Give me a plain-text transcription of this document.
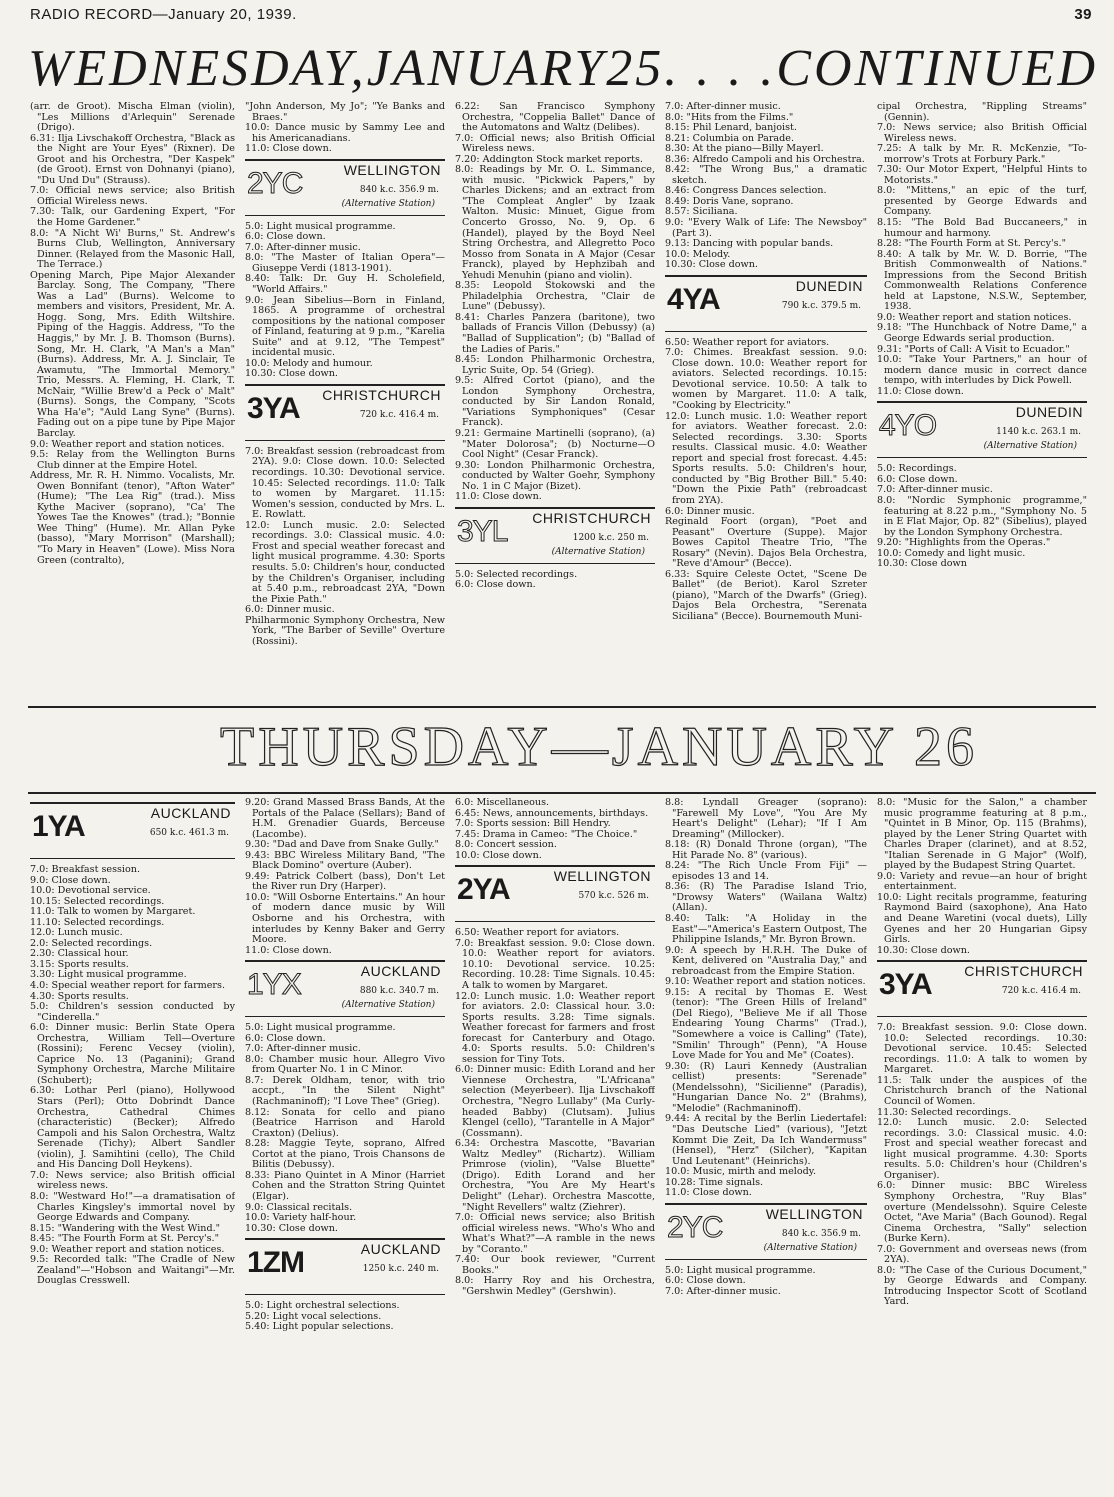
RADIO RECORD—January 20, 1939.	39
WEDNESDAY, JANUARY 25 . . . . CONTINUED

(arr. de Groot). Mischa Elman (violin), "Les Millions d'Arlequin" Serenade (Drigo).

6.31: Ilja Livschakoff Orchestra, "Black as the Night are Your Eyes" (Rixner). De Groot and his Orchestra, "Der Kaspek" (de Groot). Ernst von Dohnanyi (piano), "Du Und Du" (Strauss).

7.0: Official news service; also British Official Wireless news.

7.30: Talk, our Gardening Expert, "For the Home Gardener."

8.0: "A Nicht Wi' Burns," St. Andrew's Burns Club, Wellington, Anniversary Dinner. (Relayed from the Masonic Hall, The Terrace.)

Opening March, Pipe Major Alexander Barclay. Song, The Company, "There Was a Lad" (Burns). Welcome to members and visitors, President, Mr. A. Hogg. Song, Mrs. Edith Wiltshire. Piping of the Haggis. Address, "To the Haggis," by Mr. J. B. Thomson (Burns). Song, Mr. H. Clark, "A Man's a Man" (Burns). Address, Mr. A. J. Sinclair, Te Awamutu, "The Immortal Memory." Trio, Messrs. A. Fleming, H. Clark, T. McNair, "Willie Brew'd a Peck o' Malt" (Burns). Songs, the Company, "Scots Wha Ha'e"; "Auld Lang Syne" (Burns). Fading out on a pipe tune by Pipe Major Barclay.

9.0: Weather report and station notices.

9.5: Relay from the Wellington Burns Club dinner at the Empire Hotel.

Address, Mr. R. H. Nimmo. Vocalists, Mr. Owen Bonnifant (tenor), "Afton Water" (Hume); "The Lea Rig" (trad.). Miss Kythe Maciver (soprano), "Ca' The Yowes Tae the Knowes" (trad.); "Bonnie Wee Thing" (Hume). Mr. Allan Pyke (basso), "Mary Morrison" (Marshall); "To Mary in Heaven" (Lowe). Miss Nora Green (contralto),

"John Anderson, My Jo"; "Ye Banks and Braes."

10.0: Dance music by Sammy Lee and his Americanadians.

11.0: Close down.

2YC	WELLINGTON
840 k.c. 356.9 m.
(Alternative Station)

5.0: Light musical programme.

6.0: Close down.

7.0: After-dinner music.

8.0: "The Master of Italian Opera"—Giuseppe Verdi (1813-1901).

8.40: Talk: Dr. Guy H. Scholefield, "World Affairs."

9.0: Jean Sibelius—Born in Finland, 1865. A programme of orchestral compositions by the national composer of Finland, featuring at 9 p.m., "Karelia Suite" and at 9.12, "The Tempest" incidental music.

10.0: Melody and humour.

10.30: Close down.

3YA CHRISTCHURCH
720 k.c. 416.4 m.

7.0: Breakfast session (rebroadcast from 2YA). 9.0: Close down. 10.0: Selected recordings. 10.30: Devotional service. 10.45: Selected recordings. 11.0: Talk to women by Margaret. 11.15: Women's session, conducted by Mrs. L. E. Rowlatt.

12.0: Lunch music. 2.0: Selected recordings. 3.0: Classical music. 4.0: Frost and special weather forecast and light musical programme. 4.30: Sports results. 5.0: Children's hour, conducted by the Children's Organiser, including at 5.40 p.m., rebroadcast 2YA, "Down the Pixie Path."

6.0: Dinner music.

Philharmonic Symphony Orchestra, New York, "The Barber of Seville" Overture (Rossini).

6.22: San Francisco Symphony Orchestra, "Coppelia Ballet" Dance of the Automatons and Waltz (Delibes).

7.0: Official news; also British Official Wireless news.

7.20: Addington Stock market reports.

8.0: Readings by Mr. O. L. Simmance, with music. "Pickwick Papers," by Charles Dickens; and an extract from "The Compleat Angler" by Izaak Walton. Music: Minuet, Gigue from Concerto Grosso, No. 9, Op. 6 (Handel), played by the Boyd Neel String Orchestra, and Allegretto Poco Mosso from Sonata in A Major (Cesar Franck), played by Hephzibah and Yehudi Menuhin (piano and violin).

8.35: Leopold Stokowski and the Philadelphia Orchestra, "Clair de Lune" (Debussy).

8.41: Charles Panzera (baritone), two ballads of Francis Villon (Debussy) (a) "Ballad of Supplication"; (b) "Ballad of the Ladies of Paris."

8.45: London Philharmonic Orchestra, Lyric Suite, Op. 54 (Grieg).

9.5: Alfred Cortot (piano), and the London Symphony Orchestra, conducted by Sir Landon Ronald, "Variations Symphoniques" (Cesar Franck).

9.21: Germaine Martinelli (soprano), (a) "Mater Dolorosa"; (b) Nocturne—O Cool Night" (Cesar Franck).

9.30: London Philharmonic Orchestra, conducted by Walter Goehr, Symphony No. 1 in C Major (Bizet).

11.0: Close down.

3YL CHRISTCHURCH
1200 k.c. 250 m.
(Alternative Station)

5.0: Selected recordings.

6.0: Close down.

7.0: After-dinner music.

8.0: "Hits from the Films."

8.15: Phil Lenard, banjoist.

8.21: Columbia on Parade.

8.30: At the piano—Billy Mayerl.

8.36: Alfredo Campoli and his Orchestra.

8.42: "The Wrong Bus," a dramatic sketch.

8.46: Congress Dances selection.

8.49: Doris Vane, soprano.

8.57: Siciliana.

9.0: "Every Walk of Life: The Newsboy" (Part 3).

9.13: Dancing with popular bands.

10.0: Melody.

10.30: Close down.

4YA	DUNEDIN
790 k.c. 379.5 m.

6.50: Weather report for aviators.

7.0: Chimes. Breakfast session. 9.0: Close down. 10.0: Weather report for aviators. Selected recordings. 10.15: Devotional service. 10.50: A talk to women by Margaret. 11.0: A talk, "Cooking by Electricity."

12.0: Lunch music. 1.0: Weather report for aviators. Weather forecast. 2.0: Selected recordings. 3.30: Sports results. Classical music. 4.0: Weather report and special frost forecast. 4.45: Sports results. 5.0: Children's hour, conducted by "Big Brother Bill." 5.40: "Down the Pixie Path" (rebroadcast from 2YA).

6.0: Dinner music.

Reginald Foort (organ), "Poet and Peasant" Overture (Suppe). Major Bowes Capitol Theatre Trio, "The Rosary" (Nevin). Dajos Bela Orchestra, "Reve d'Amour" (Becce).

6.33: Squire Celeste Octet, "Scene De Ballet" (de Beriot). Karol Szreter (piano), "March of the Dwarfs" (Grieg). Dajos Bela Orchestra, "Serenata Siciliana" (Becce). Bournemouth Muni-

cipal Orchestra, "Rippling Streams" (Gennin).

7.0: News service; also British Official Wireless news.

7.25: A talk by Mr. R. McKenzie, "To-morrow's Trots at Forbury Park."

7.30: Our Motor Expert, "Helpful Hints to Motorists."

8.0: "Mittens," an epic of the turf, presented by George Edwards and Company.

8.15: "The Bold Bad Buccaneers," in humour and harmony.

8.28: "The Fourth Form at St. Percy's."

8.40: A talk by Mr. W. D. Borrie, "The British Commonwealth of Nations." Impressions from the Second British Commonwealth Relations Conference held at Lapstone, N.S.W., September, 1938.

9.0: Weather report and station notices.

9.18: "The Hunchback of Notre Dame," a George Edwards serial production.

9.31: "Ports of Call: A Visit to Ecuador."

10.0: "Take Your Partners," an hour of modern dance music in correct dance tempo, with interludes by Dick Powell.

11.0: Close down.

4YO	DUNEDIN
1140 k.c. 263.1 m.
(Alternative Station)

5.0: Recordings.

6.0: Close down.

7.0: After-dinner music.

8.0: "Nordic Symphonic programme," featuring at 8.22 p.m., "Symphony No. 5 in E Flat Major, Op. 82" (Sibelius), played by the London Symphony Orchestra.

9.20: "Highlights from the Operas."

10.0: Comedy and light music.

10.30: Close down

THURSDAY—JANUARY 26
1YA	AUCKLAND
650 k.c. 461.3 m.

7.0: Breakfast session.

9.0: Close down.

10.0: Devotional service.

10.15: Selected recordings.

11.0: Talk to women by Margaret.

11.10: Selected recordings.

12.0: Lunch music.

2.0: Selected recordings.

2.30: Classical hour.

3.15: Sports results.

3.30: Light musical programme.

4.0: Special weather report for farmers.

4.30: Sports results.

5.0: Children's session conducted by "Cinderella."

6.0: Dinner music: Berlin State Opera Orchestra, William Tell—Overture (Rossini); Ferenc Vecsey (violin), Caprice No. 13 (Paganini); Grand Symphony Orchestra, Marche Militaire (Schubert);

6.30: Lothar Perl (piano), Hollywood Stars (Perl); Otto Dobrindt Dance Orchestra, Cathedral Chimes (characteristic) (Becker); Alfredo Campoli and his Salon Orchestra, Waltz Serenade (Tichy); Albert Sandler (violin), J. Samihtini (cello), The Child and His Dancing Doll Heykens).

7.0: News service; also British official wireless news.

8.0: "Westward Ho!"—a dramatisation of Charles Kingsley's immortal novel by George Edwards and Company.

8.15: "Wandering with the West Wind."

8.45: "The Fourth Form at St. Percy's."

9.0: Weather report and station notices.

9.5: Recorded talk: "The Cradle of New Zealand"—"Hobson and Waitangi"—Mr. Douglas Cresswell.

9.20: Grand Massed Brass Bands, At the Portals of the Palace (Sellars); Band of H.M. Grenadier Guards, Berceuse (Lacombe).

9.30: "Dad and Dave from Snake Gully."

9.43: BBC Wireless Military Band, "The Black Domino" overture (Auber).

9.49: Patrick Colbert (bass), Don't Let the River run Dry (Harper).

10.0: "Will Osborne Entertains." An hour of modern dance music by Will Osborne and his Orchestra, with interludes by Kenny Baker and Gerry Moore.

11.0: Close down.

1YX	AUCKLAND
880 k.c. 340.7 m.
(Alternative Station)

5.0: Light musical programme.

6.0: Close down.

7.0: After-dinner music.

8.0: Chamber music hour. Allegro Vivo from Quarter No. 1 in C Minor.

8.7: Derek Oldham, tenor, with trio accpt., "In the Silent Night" (Rachmaninoff); "I Love Thee" (Grieg).

8.12: Sonata for cello and piano (Beatrice Harrison and Harold Craxton) (Delius).

8.28: Maggie Teyte, soprano, Alfred Cortot at the piano, Trois Chansons de Bilitis (Debussy).

8.33: Piano Quintet in A Minor (Harriet Cohen and the Stratton String Quintet (Elgar).

9.0: Classical recitals.

10.0: Variety half-hour.

10.30: Close down.

1ZM	AUCKLAND
1250 k.c. 240 m.

5.0: Light orchestral selections.

5.20: Light vocal selections.

5.40: Light popular selections.

6.0: Miscellaneous.

6.45: News, announcements, birthdays.

7.0: Sports session: Bill Hendry.

7.45: Drama in Cameo: "The Choice."

8.0: Concert session.

10.0: Close down.

2YA	WELLINGTON
570 k.c. 526 m.

6.50: Weather report for aviators.

7.0: Breakfast session. 9.0: Close down. 10.0: Weather report for aviators. 10.10: Devotional service. 10.25: Recording. 10.28: Time Signals. 10.45: A talk to women by Margaret.

12.0: Lunch music. 1.0: Weather report for aviators. 2.0: Classical hour. 3.0: Sports results. 3.28: Time signals. Weather forecast for farmers and frost forecast for Canterbury and Otago. 4.0: Sports results. 5.0: Children's session for Tiny Tots.

6.0: Dinner music: Edith Lorand and her Viennese Orchestra, "L'Africana" selection (Meyerbeer). Ilja Livschakoff Orchestra, "Negro Lullaby" (Ma Curly-headed Babby) (Clutsam). Julius Klengel (cello), "Tarantelle in A Major" (Cossmann).

6.34: Orchestra Mascotte, "Bavarian Waltz Medley" (Richartz). William Primrose (violin), "Valse Bluette" (Drigo). Edith Lorand and her Orchestra, "You Are My Heart's Delight" (Lehar). Orchestra Mascotte, "Night Revellers" waltz (Ziehrer).

7.0: Official news service; also British official wireless news. "Who's Who and What's What?"—A ramble in the news by "Coranto."

7.40: Our book reviewer, "Current Books."

8.0: Harry Roy and his Orchestra, "Gershwin Medley" (Gershwin).

8.8: Lyndall Greager (soprano): "Farewell My Love", "You Are My Heart's Delight" (Lehar); "If I Am Dreaming" (Millocker).

8.18: (R) Donald Throne (organ), "The Hit Parade No. 8" (various).

8.24: "The Rich Uncle From Fiji" —episodes 13 and 14.

8.36: (R) The Paradise Island Trio, "Drowsy Waters" (Wailana Waltz) (Allan).

8.40: Talk: "A Holiday in the East"—"America's Eastern Outpost, The Philippine Islands," Mr. Byron Brown.

9.0: A speech by H.R.H. The Duke of Kent, delivered on "Australia Day," and rebroadcast from the Empire Station.

9.10: Weather report and station notices.

9.15: A recital by Thomas E. West (tenor): "The Green Hills of Ireland" (Del Riego), "Believe Me if all Those Endearing Young Charms" (Trad.), "Somewhere a voice is Calling" (Tate), "Smilin' Through" (Penn), "A House Love Made for You and Me" (Coates).

9.30: (R) Lauri Kennedy (Australian cellist) presents: "Serenade" (Mendelssohn), "Sicilienne" (Paradis), "Hungarian Dance No. 2" (Brahms), "Melodie" (Rachmaninoff).

9.44: A recital by the Berlin Liedertafel: "Das Deutsche Lied" (various), "Jetzt Kommt Die Zeit, Da Ich Wandermuss" (Hensel), "Herz" (Silcher), "Kapitan Und Leutenant" (Heinrichs).

10.0: Music, mirth and melody.

10.28: Time signals.

11.0: Close down.

2YC	WELLINGTON
840 k.c. 356.9 m.
(Alternative Station)

5.0: Light musical programme.

6.0: Close down.

7.0: After-dinner music.

8.0: "Music for the Salon," a chamber music programme featuring at 8 p.m., "Quintet in B Minor, Op. 115 (Brahms), played by the Lener String Quartet with Charles Draper (clarinet), and at 8.52, "Italian Serenade in G Major" (Wolf), played by the Budapest String Quartet.

9.0: Variety and revue—an hour of bright entertainment.

10.0: Light recitals programme, featuring Raymond Baird (saxophone), Ana Hato and Deane Waretini (vocal duets), Lilly Gyenes and her 20 Hungarian Gipsy Girls.

10.30: Close down.

3YA CHRISTCHURCH
720 k.c. 416.4 m.

7.0: Breakfast session. 9.0: Close down. 10.0: Selected recordings. 10.30: Devotional service. 10.45: Selected recordings. 11.0: A talk to women by Margaret.

11.5: Talk under the auspices of the Christchurch branch of the National Council of Women.

11.30: Selected recordings.

12.0: Lunch music. 2.0: Selected recordings. 3.0: Classical music. 4.0: Frost and special weather forecast and light musical programme. 4.30: Sports results. 5.0: Children's hour (Children's Organiser).

6.0: Dinner music: BBC Wireless Symphony Orchestra, "Ruy Blas" overture (Mendelssohn). Squire Celeste Octet, "Ave Maria" (Bach Gounod). Regal Cinema Orchestra, "Sally" selection (Burke Kern).

7.0: Government and overseas news (from 2YA).

8.0: "The Case of the Curious Document," by George Edwards and Company. Introducing Inspector Scott of Scotland Yard.
